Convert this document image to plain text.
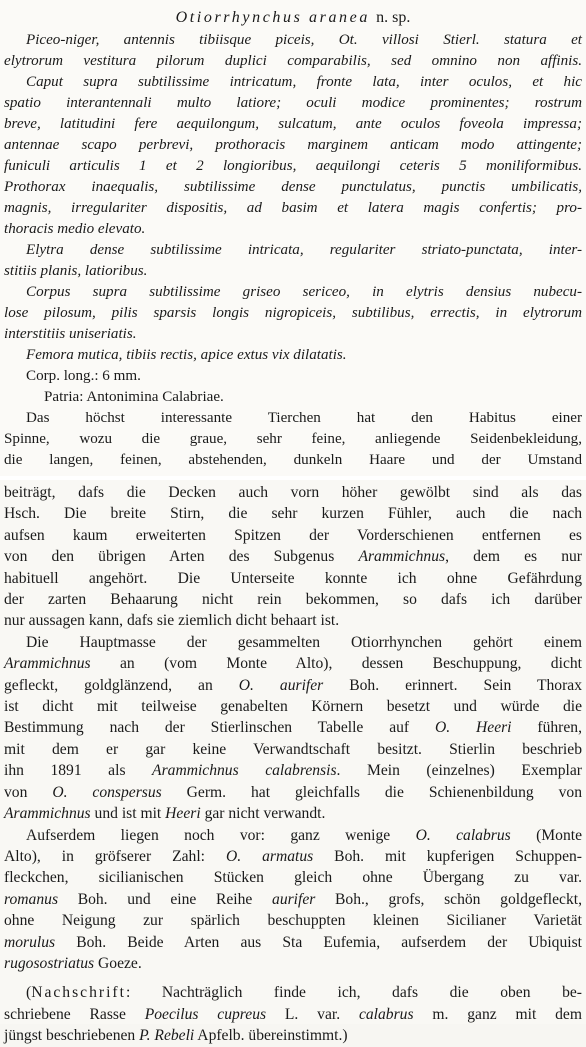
Otiorrhynchus aranea n. sp.
Piceo-niger, antennis tibiisque piceis, Ot. villosi Stierl. statura et
elytrorum vestitura pilorum duplici comparabilis, sed omnino non affinis.
Caput supra subtilissime intricatum, fronte lata, inter oculos, et hic
spatio interantennali multo latiore; oculi modice prominentes; rostrum
breve, latitudini fere aequilongum, sulcatum, ante oculos foveola impressa;
antennae scapo perbrevi, prothoracis marginem anticam modo attingente;
funiculi articulis 1 et 2 longioribus, aequilongi ceteris 5 moniliformibus.
Prothorax inaequalis, subtilissime dense punctulatus, punctis umbilicatis,
magnis, irregulariter dispositis, ad basim et latera magis confertis; pro-
thoracis medio elevato.
Elytra dense subtilissime intricata, regulariter striato-punctata, inter-
stitiis planis, latioribus.
Corpus supra subtilissime griseo sericeo, in elytris densius nubecu-
lose pilosum, pilis sparsis longis nigropiceis, subtilibus, errectis, in elytrorum
interstitiis uniseriatis.
Femora mutica, tibiis rectis, apice extus vix dilatatis.
Corp. long.: 6 mm.
Patria: Antonimina Calabriae.
Das höchst interessante Tierchen hat den Habitus einer
Spinne, wozu die graue, sehr feine, anliegende Seidenbekleidung,
die langen, feinen, abstehenden, dunkeln Haare und der Umstand
beiträgt, dafs die Decken auch vorn höher gewölbt sind als das
Hsch. Die breite Stirn, die sehr kurzen Fühler, auch die nach
aufsen kaum erweiterten Spitzen der Vorderschienen entfernen es
von den übrigen Arten des Subgenus Arammichnus, dem es nur
habituell angehört. Die Unterseite konnte ich ohne Gefährdung
der zarten Behaarung nicht rein bekommen, so dafs ich darüber
nur aussagen kann, dafs sie ziemlich dicht behaart ist.
Die Hauptmasse der gesammelten Otiorrhynchen gehört einem
Arammichnus an (vom Monte Alto), dessen Beschuppung, dicht
gefleckt, goldglänzend, an O. aurifer Boh. erinnert. Sein Thorax
ist dicht mit teilweise genabelten Körnern besetzt und würde die
Bestimmung nach der Stierlinschen Tabelle auf O. Heeri führen,
mit dem er gar keine Verwandtschaft besitzt. Stierlin beschrieb
ihn 1891 als Arammichnus calabrensis. Mein (einzelnes) Exemplar
von O. conspersus Germ. hat gleichfalls die Schienenbildung von
Arammichnus und ist mit Heeri gar nicht verwandt.
Aufserdem liegen noch vor: ganz wenige O. calabrus (Monte
Alto), in gröfserer Zahl: O. armatus Boh. mit kupferigen Schuppen-
fleckchen, sicilianischen Stücken gleich ohne Übergang zu var.
romanus Boh. und eine Reihe aurifer Boh., grofs, schön goldgefleckt,
ohne Neigung zur spärlich beschuppten kleinen Sicilianer Varietät
morulus Boh. Beide Arten aus Sta Eufemia, aufserdem der Ubiquist
rugosostriatus Goeze.
(Nachschrift: Nachträglich finde ich, dafs die oben be-
schriebene Rasse Poecilus cupreus L. var. calabrus m. ganz mit dem
jüngst beschriebenen P. Rebeli Apfelb. übereinstimmt.)
